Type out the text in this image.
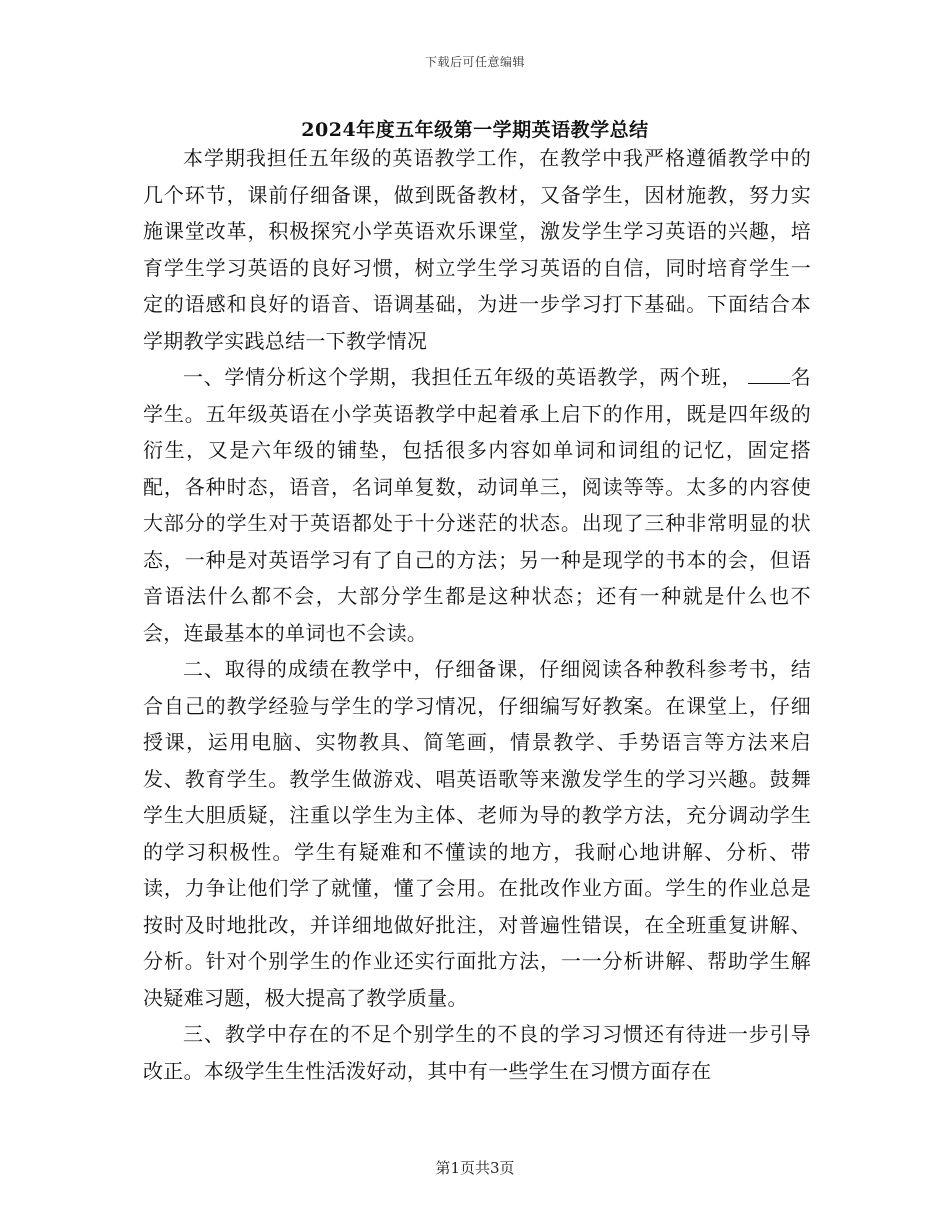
下载后可任意编辑
2024年度五年级第一学期英语教学总结

本学期我担任五年级的英语教学工作，在教学中我严格遵循教学中的几个环节，课前仔细备课，做到既备教材，又备学生，因材施教，努力实施课堂改革，积极探究小学英语欢乐课堂，激发学生学习英语的兴趣，培育学生学习英语的良好习惯，树立学生学习英语的自信，同时培育学生一定的语感和良好的语音、语调基础，为进一步学习打下基础。下面结合本学期教学实践总结一下教学情况

一、学情分析这个学期，我担任五年级的英语教学，两个班， 名学生。五年级英语在小学英语教学中起着承上启下的作用，既是四年级的衍生，又是六年级的铺垫，包括很多内容如单词和词组的记忆，固定搭配，各种时态，语音，名词单复数，动词单三，阅读等等。太多的内容使大部分的学生对于英语都处于十分迷茫的状态。出现了三种非常明显的状态，一种是对英语学习有了自己的方法；另一种是现学的书本的会，但语音语法什么都不会，大部分学生都是这种状态；还有一种就是什么也不会，连最基本的单词也不会读。

二、取得的成绩在教学中，仔细备课，仔细阅读各种教科参考书，结合自己的教学经验与学生的学习情况，仔细编写好教案。在课堂上，仔细授课，运用电脑、实物教具、简笔画，情景教学、手势语言等方法来启发、教育学生。教学生做游戏、唱英语歌等来激发学生的学习兴趣。鼓舞学生大胆质疑，注重以学生为主体、老师为导的教学方法，充分调动学生的学习积极性。学生有疑难和不懂读的地方，我耐心地讲解、分析、带读，力争让他们学了就懂，懂了会用。在批改作业方面。学生的作业总是按时及时地批改，并详细地做好批注，对普遍性错误，在全班重复讲解、分析。针对个别学生的作业还实行面批方法，一一分析讲解、帮助学生解决疑难习题，极大提高了教学质量。

三、教学中存在的不足个别学生的不良的学习习惯还有待进一步引导改正。本级学生生性活泼好动，其中有一些学生在习惯方面存在

第1页共3页
